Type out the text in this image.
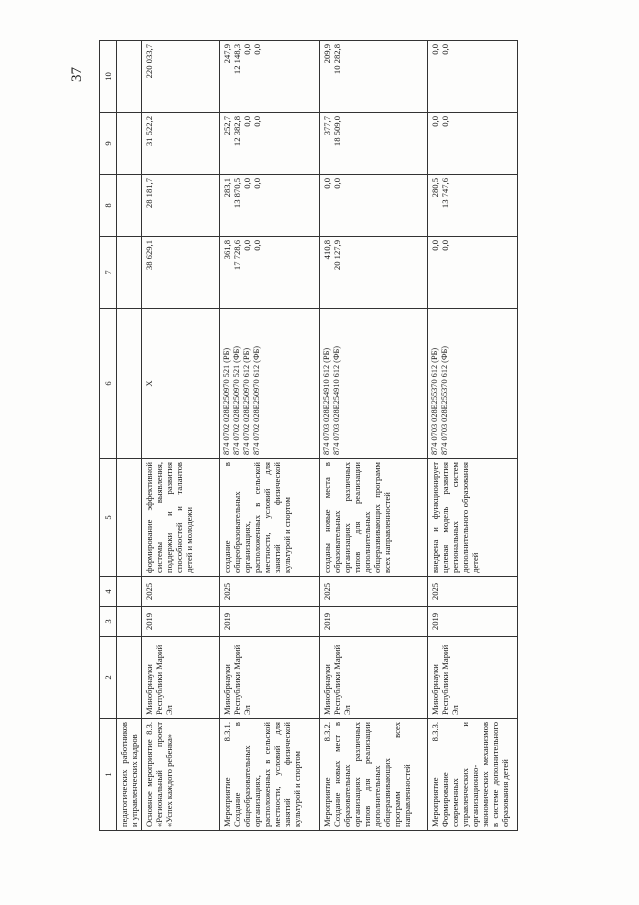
37
1	2	3	4	5	6	7	8	9	10
педагогических работников и управленческих кадров									
Основное мероприятие 8.3. «Региональный проект «Успех каждого ребенка»	Минобрнауки Республики Марий Эл	2019	2025	формирование эффективной системы выявления, поддержки и развития способностей и талантов детей и молодежи	X	38 629,1	28 181,7	31 522,2	220 033,7
Мероприятие 8.3.1. Создание в общеобразовательных организациях, расположенных в сельской местности, условий для занятий физической культурой и спортом	Минобрнауки Республики Марий Эл	2019	2025	создание в общеобразовательных организациях, расположенных в сельской местности, условий для занятий физической культурой и спортом	874 0702 028Е250970 521 (РБ)
874 0702 028Е250970 521 (ФБ)
874 0702 028Е250970 612 (РБ)
874 0702 028Е250970 612 (ФБ)	361,8
17 728,6
0,0
0,0	283,1
13 870,5
0,0
0,0	252,7
12 382,8
0,0
0,0	247,9
12 148,3
0,0
0,0
Мероприятие 8.3.2. Создание новых мест в образовательных организациях различных типов для реализации дополнительных общеразвивающих программ всех направленностей	Минобрнауки Республики Марий Эл	2019	2025	созданы новые места в образовательных организациях различных типов для реализации дополнительных общеразвивающих программ всех направленностей	874 0703 028Е254910 612 (РБ)
874 0703 028Е254910 612 (ФБ)	410,8
20 127,9	0,0
0,0	377,7
18 509,0	209,9
10 282,8
Мероприятие 8.3.3. Формирование современных управленческих и организационно-экономических механизмов в системе дополнительного образования детей	Минобрнауки Республики Марий Эл	2019	2025	внедрена и функционирует целевая модель развития региональных систем дополнительного образования детей	874 0703 028Е255370 612 (РБ)
874 0703 028Е255370 612 (ФБ)	0,0
0,0	280,5
13 747,6	0,0
0,0	0,0
0,0
